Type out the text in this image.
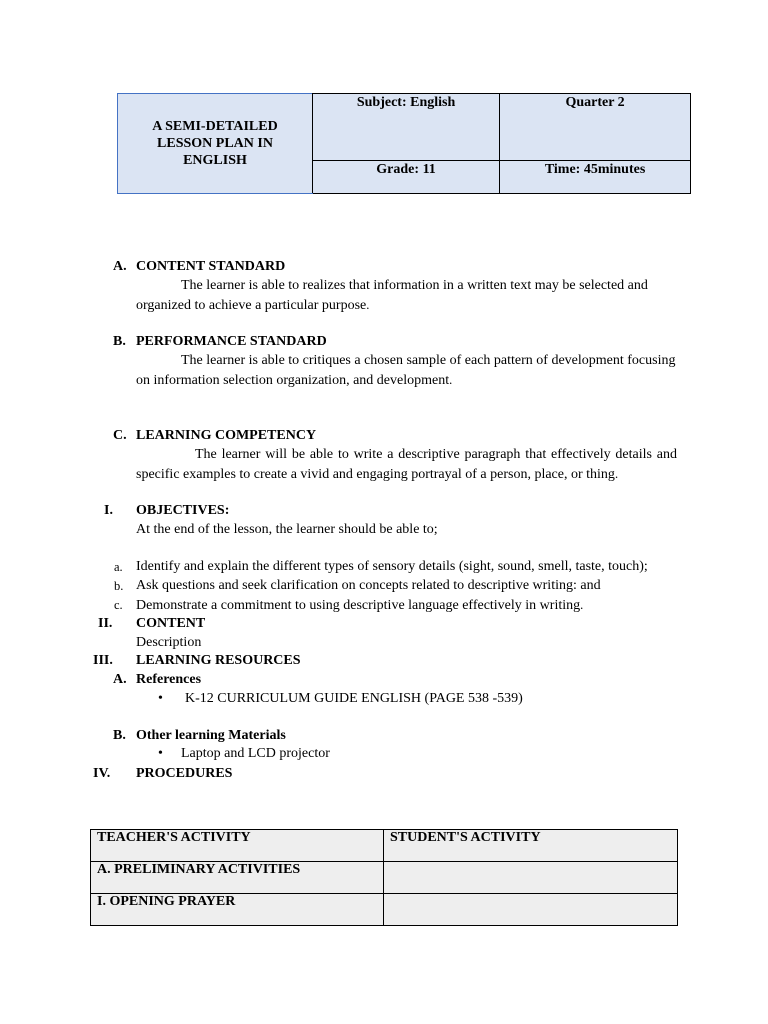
A SEMI-DETAILED
LESSON PLAN IN
ENGLISH	Subject: English	Quarter 2
	Grade: 11	Time: 45minutes
A. CONTENT STANDARD
The learner is able to realizes that information in a written text may be selected and
organized to achieve a particular purpose.
B. PERFORMANCE STANDARD
The learner is able to critiques a chosen sample of each pattern of development focusing
on information selection organization, and development.
C. LEARNING COMPETENCY
The learner will be able to write a descriptive paragraph that effectively details and
specific examples to create a vivid and engaging portrayal of a person, place, or thing.
I. OBJECTIVES:
At the end of the lesson, the learner should be able to;
a. Identify and explain the different types of sensory details (sight, sound, smell, taste, touch);
b. Ask questions and seek clarification on concepts related to descriptive writing: and
c. Demonstrate a commitment to using descriptive language effectively in writing.
II. CONTENT
Description
III. LEARNING RESOURCES
A. References
• K-12 CURRICULUM GUIDE ENGLISH (PAGE 538 -539)
B. Other learning Materials
• Laptop and LCD projector
IV. PROCEDURES
TEACHER'S ACTIVITY	STUDENT'S ACTIVITY
A. PRELIMINARY ACTIVITIES	
I. OPENING PRAYER	
